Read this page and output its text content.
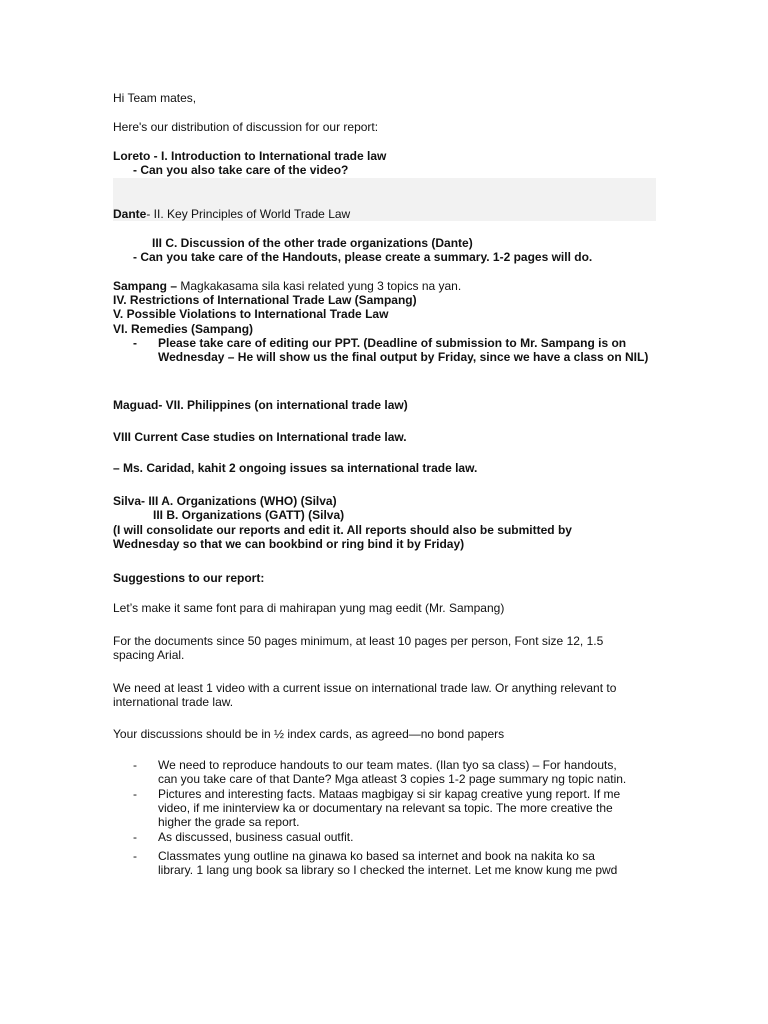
Hi Team mates,
Here's our distribution of discussion for our report:
Loreto - I. Introduction to International trade law
- Can you also take care of the video?
Dante- II. Key Principles of World Trade Law
III C. Discussion of the other trade organizations (Dante)
- Can you take care of the Handouts, please create a summary. 1-2 pages will do.
Sampang – Magkakasama sila kasi related yung 3 topics na yan.
IV. Restrictions of International Trade Law (Sampang)
V. Possible Violations to International Trade Law
VI. Remedies (Sampang)
- Please take care of editing our PPT. (Deadline of submission to Mr. Sampang is on Wednesday – He will show us the final output by Friday, since we have a class on NIL)
Maguad- VII. Philippines (on international trade law)
VIII Current Case studies on International trade law.
– Ms. Caridad, kahit 2 ongoing issues sa international trade law.
Silva- III A. Organizations (WHO) (Silva)
III B. Organizations (GATT) (Silva)
(I will consolidate our reports and edit it. All reports should also be submitted by Wednesday so that we can bookbind or ring bind it by Friday)
Suggestions to our report:
Let’s make it same font para di mahirapan yung mag eedit (Mr. Sampang)
For the documents since 50 pages minimum, at least 10 pages per person, Font size 12, 1.5 spacing Arial.
We need at least 1 video with a current issue on international trade law. Or anything relevant to international trade law.
Your discussions should be in ½ index cards, as agreed—no bond papers
- We need to reproduce handouts to our team mates. (Ilan tyo sa class) – For handouts,
can you take care of that Dante? Mga atleast 3 copies 1-2 page summary ng topic natin.
- Pictures and interesting facts. Mataas magbigay si sir kapag creative yung report. If me
video, if me ininterview ka or documentary na relevant sa topic. The more creative the
higher the grade sa report.
- As discussed, business casual outfit.
- Classmates yung outline na ginawa ko based sa internet and book na nakita ko sa
library. 1 lang ung book sa library so I checked the internet. Let me know kung me pwd
